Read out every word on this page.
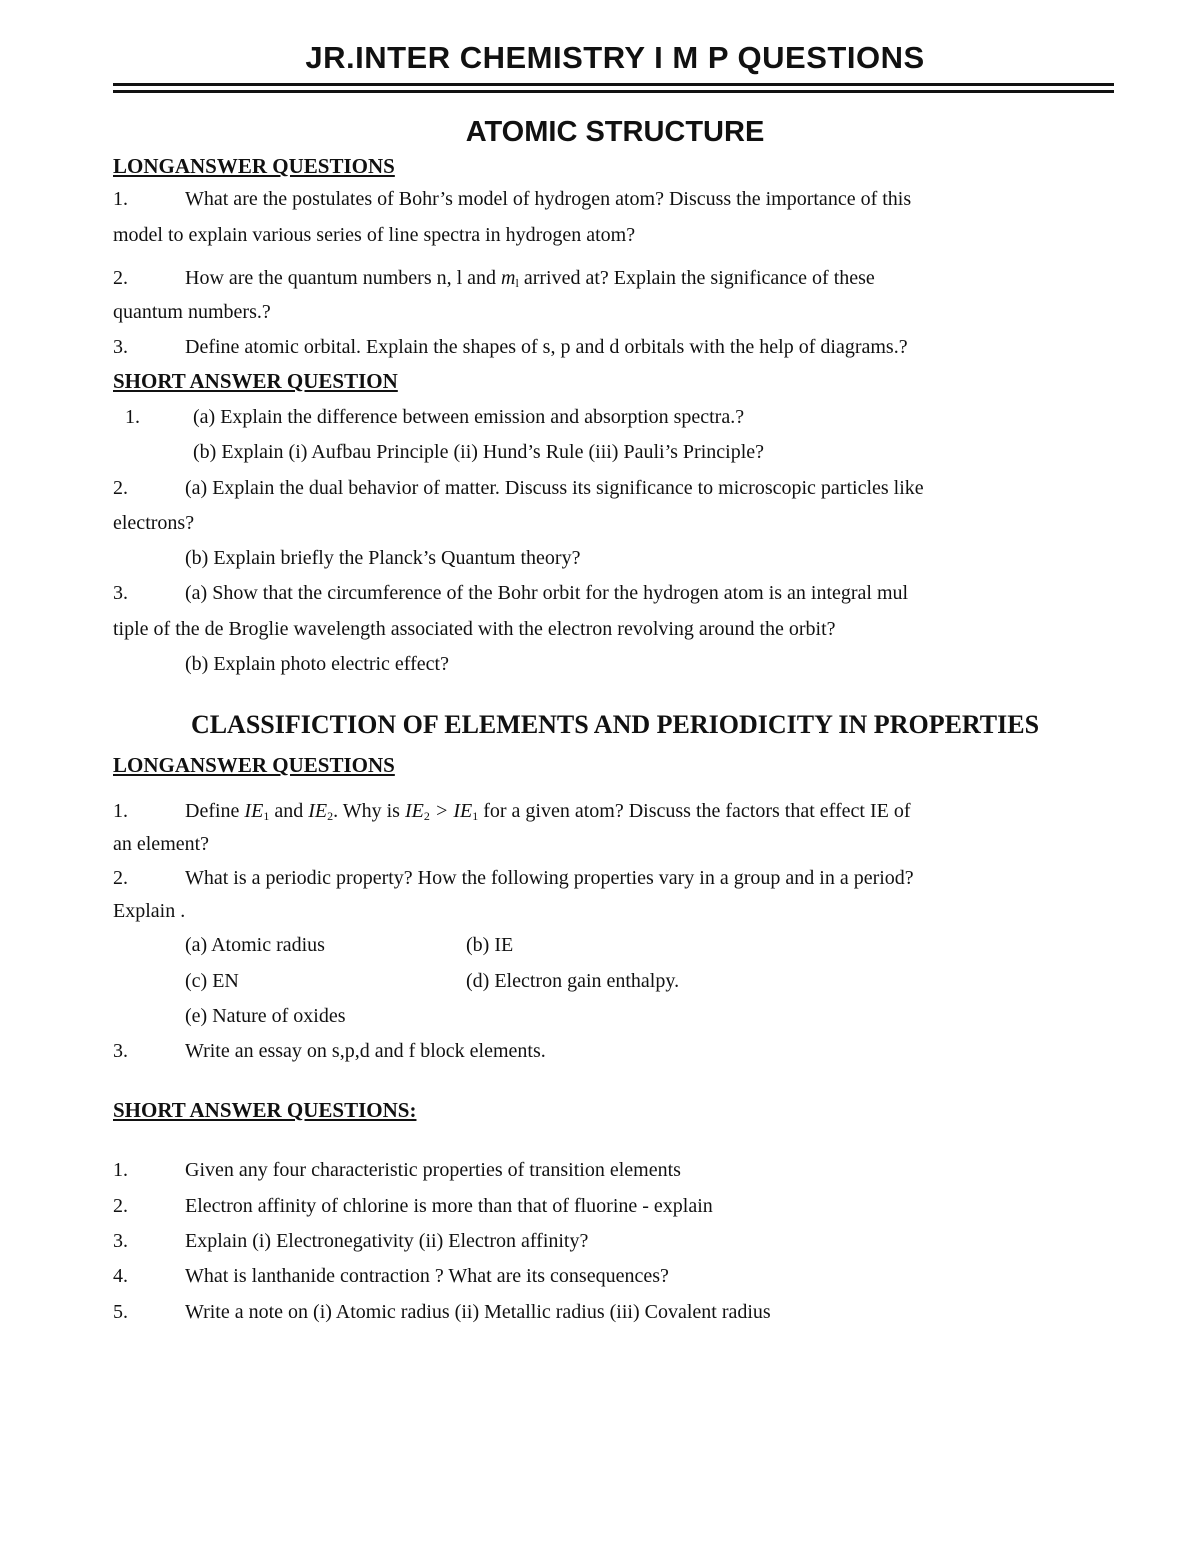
JR.INTER CHEMISTRY I M P QUESTIONS
ATOMIC STRUCTURE
LONGANSWER QUESTIONS
1.	What are the postulates of Bohr’s model of hydrogen atom? Discuss the importance of this

model to explain various series of line spectra in hydrogen atom?

2.	How are the quantum numbers n, l and $m_l$ arrived at? Explain the significance of these

quantum numbers.?

3.	Define atomic orbital. Explain the shapes of s, p and d orbitals with the help of diagrams.?

SHORT ANSWER QUESTION
1.	(a) Explain the difference between emission and absorption spectra.?

(b) Explain (i) Aufbau Principle (ii) Hund’s Rule (iii) Pauli’s Principle?

2.	(a) Explain the dual behavior of matter. Discuss its significance to microscopic particles like

electrons?

(b) Explain briefly the Planck’s Quantum theory?

3.	(a) Show that the circumference of the Bohr orbit for the hydrogen atom is an integral mul

tiple of the de Broglie wavelength associated with the electron revolving around the orbit?

(b) Explain photo electric effect?

CLASSIFICTION OF ELEMENTS AND PERIODICITY IN PROPERTIES
LONGANSWER QUESTIONS
1.	Define $IE_1$ and $IE_2$. Why is $IE_2 > IE_1$ for a given atom? Discuss the factors that effect IE of

an element?

2.	What is a periodic property? How the following properties vary in a group and in a period?

Explain .

(a) Atomic radius	(b) IE

(c) EN	(d) Electron gain enthalpy.

(e) Nature of oxides

3.	Write an essay on s,p,d and f block elements.

SHORT ANSWER QUESTIONS:
1.	Given any four characteristic properties of transition elements

2.	Electron affinity of chlorine is more than that of fluorine - explain

3.	Explain (i) Electronegativity (ii) Electron affinity?

4.	What is lanthanide contraction ? What are its consequences?

5.	Write a note on (i) Atomic radius (ii) Metallic radius (iii) Covalent radius
